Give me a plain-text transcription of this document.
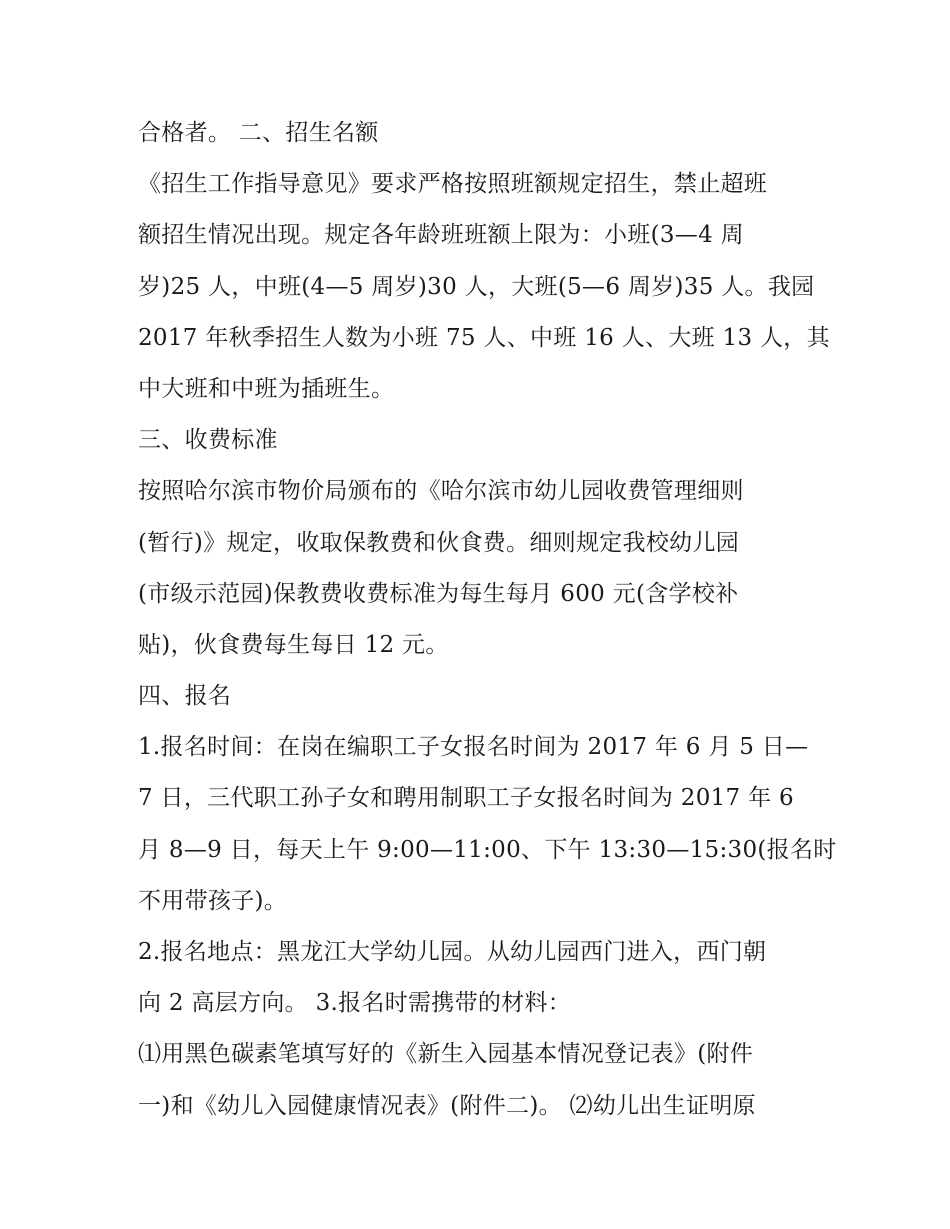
合格者。 二、招生名额
《招生工作指导意见》要求严格按照班额规定招生，禁止超班
额招生情况出现。规定各年龄班班额上限为：小班(3—4 周
岁)25 人，中班(4—5 周岁)30 人，大班(5—6 周岁)35 人。我园
2017 年秋季招生人数为小班 75 人、中班 16 人、大班 13 人，其
中大班和中班为插班生。
三、收费标准
按照哈尔滨市物价局颁布的《哈尔滨市幼儿园收费管理细则
(暂行)》规定，收取保教费和伙食费。细则规定我校幼儿园
(市级示范园)保教费收费标准为每生每月 600 元(含学校补
贴)，伙食费每生每日 12 元。
四、报名
1.报名时间：在岗在编职工子女报名时间为 2017 年 6 月 5 日—
7 日，三代职工孙子女和聘用制职工子女报名时间为 2017 年 6
月 8—9 日，每天上午 9:00—11:00、下午 13:30—15:30(报名时
不用带孩子)。
2.报名地点：黑龙江大学幼儿园。从幼儿园西门进入，西门朝
向 2 高层方向。 3.报名时需携带的材料：
⑴用黑色碳素笔填写好的《新生入园基本情况登记表》(附件
一)和《幼儿入园健康情况表》(附件二)。 ⑵幼儿出生证明原
